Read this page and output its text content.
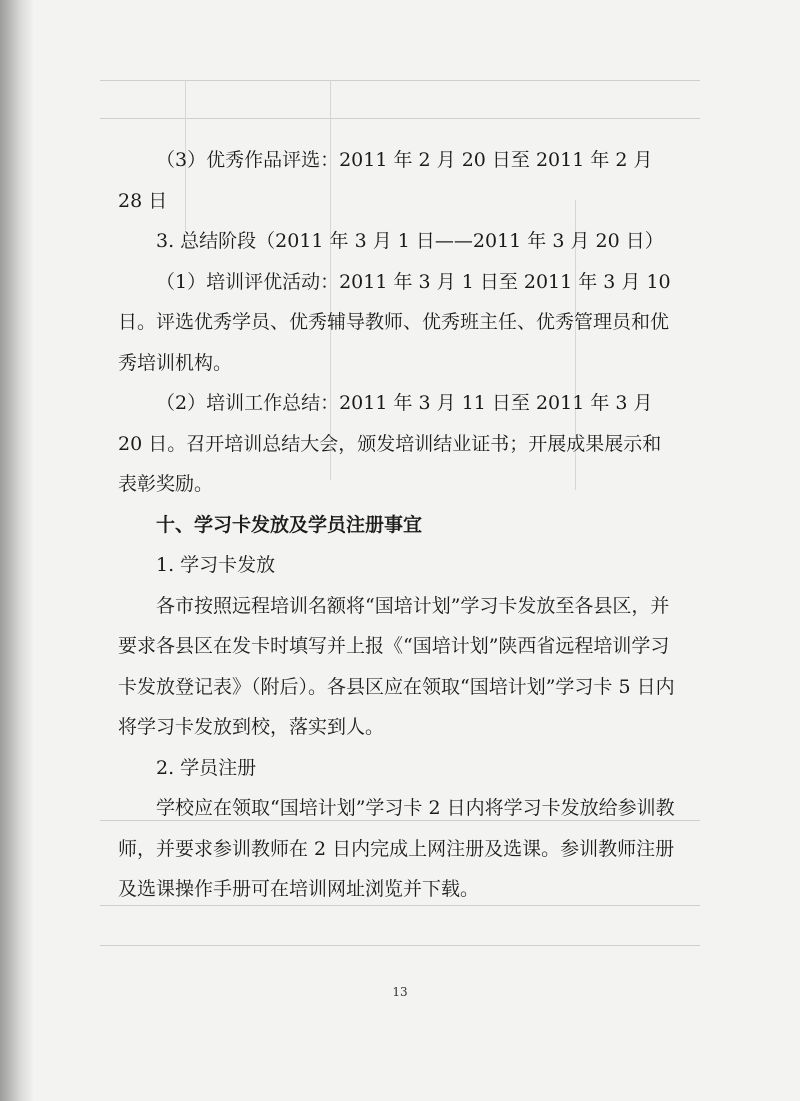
（3）优秀作品评选：2011 年 2 月 20 日至 2011 年 2 月 28 日

3. 总结阶段（2011 年 3 月 1 日——2011 年 3 月 20 日）

（1）培训评优活动：2011 年 3 月 1 日至 2011 年 3 月 10 日。评选优秀学员、优秀辅导教师、优秀班主任、优秀管理员和优秀培训机构。

（2）培训工作总结：2011 年 3 月 11 日至 2011 年 3 月 20 日。召开培训总结大会，颁发培训结业证书；开展成果展示和表彰奖励。

十、学习卡发放及学员注册事宜

1. 学习卡发放

各市按照远程培训名额将“国培计划”学习卡发放至各县区，并要求各县区在发卡时填写并上报《“国培计划”陕西省远程培训学习卡发放登记表》（附后）。各县区应在领取“国培计划”学习卡 5 日内将学习卡发放到校，落实到人。

2. 学员注册

学校应在领取“国培计划”学习卡 2 日内将学习卡发放给参训教师，并要求参训教师在 2 日内完成上网注册及选课。参训教师注册及选课操作手册可在培训网址浏览并下载。

13
